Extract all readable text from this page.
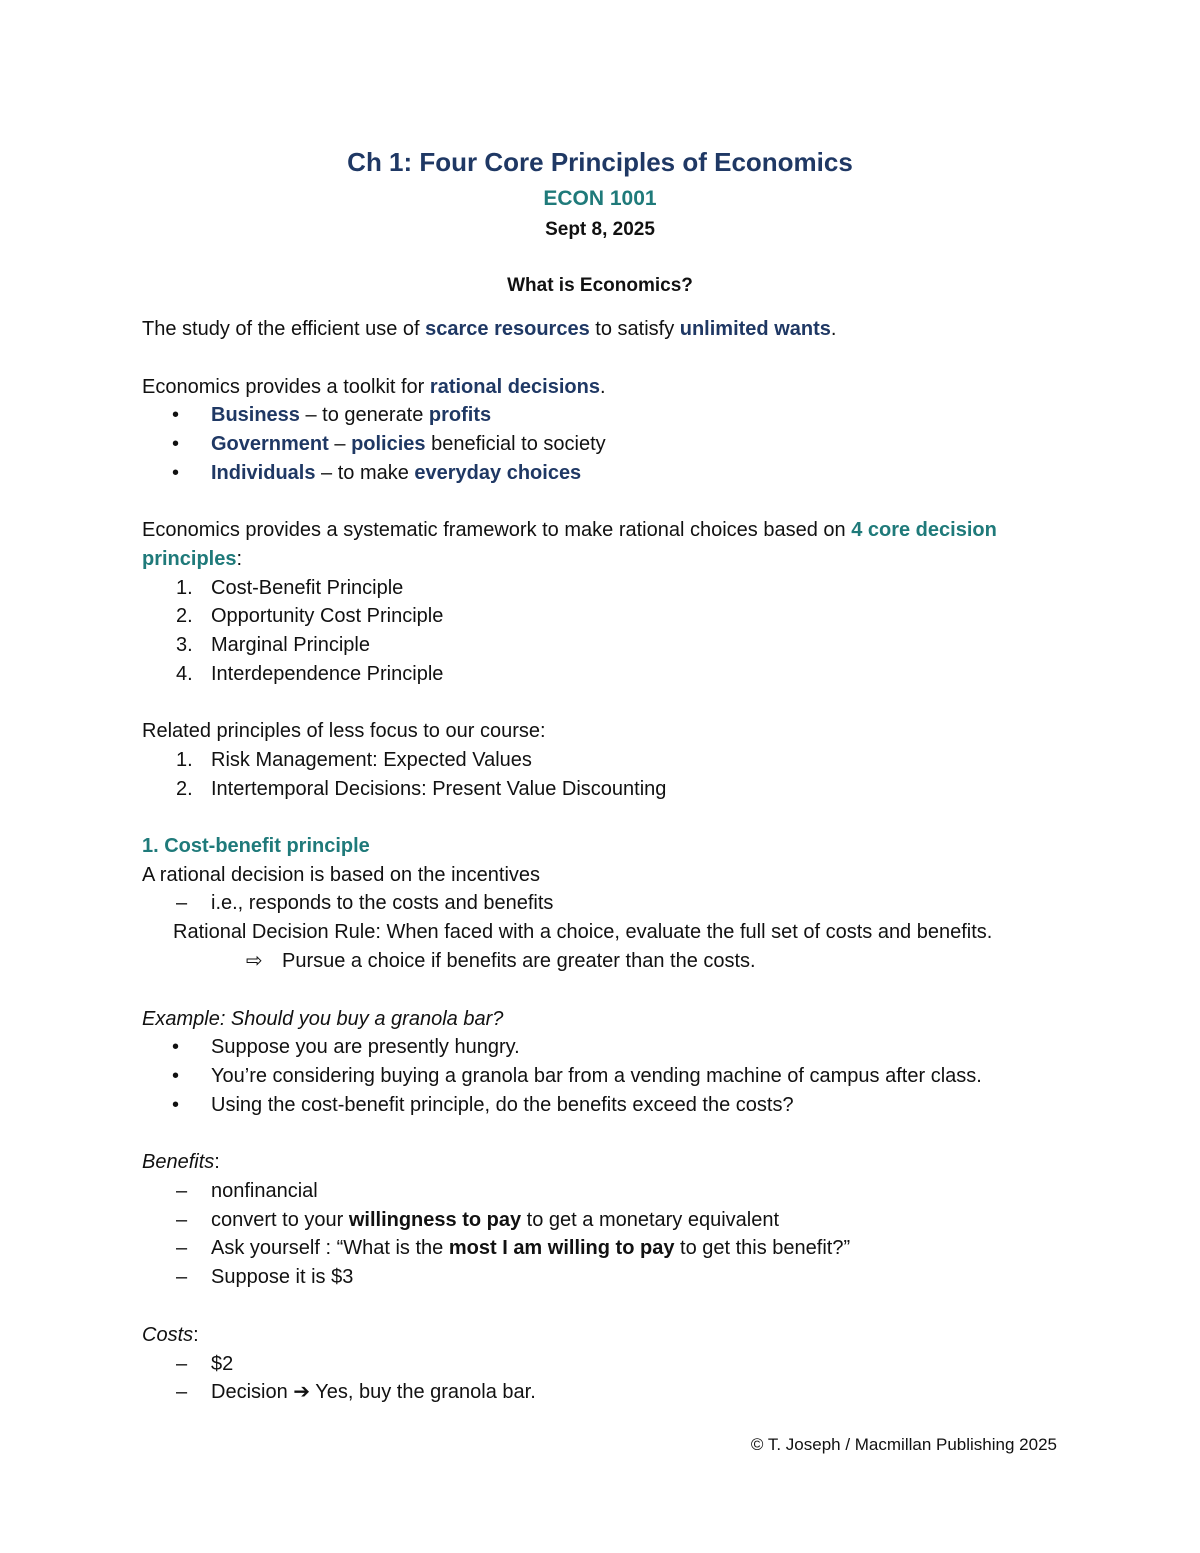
Ch 1: Four Core Principles of Economics
ECON 1001
Sept 8, 2025
What is Economics?
The study of the efficient use of scarce resources to satisfy unlimited wants.
Economics provides a toolkit for rational decisions.
•	Business – to generate profits
•	Government – policies beneficial to society
•	Individuals – to make everyday choices
Economics provides a systematic framework to make rational choices based on 4 core decision
principles:
1. Cost-Benefit Principle
2. Opportunity Cost Principle
3. Marginal Principle
4. Interdependence Principle
Related principles of less focus to our course:
1. Risk Management: Expected Values
2. Intertemporal Decisions: Present Value Discounting
1. Cost-benefit principle
A rational decision is based on the incentives
– i.e., responds to the costs and benefits
Rational Decision Rule: When faced with a choice, evaluate the full set of costs and benefits.
⇨ Pursue a choice if benefits are greater than the costs.
Example: Should you buy a granola bar?
• Suppose you are presently hungry.
• You’re considering buying a granola bar from a vending machine of campus after class.
• Using the cost-benefit principle, do the benefits exceed the costs?
Benefits:
– nonfinancial
– convert to your willingness to pay to get a monetary equivalent
– Ask yourself : “What is the most I am willing to pay to get this benefit?”
– Suppose it is $3
Costs:
– $2
– Decision ➔ Yes, buy the granola bar.
© T. Joseph / Macmillan Publishing 2025
